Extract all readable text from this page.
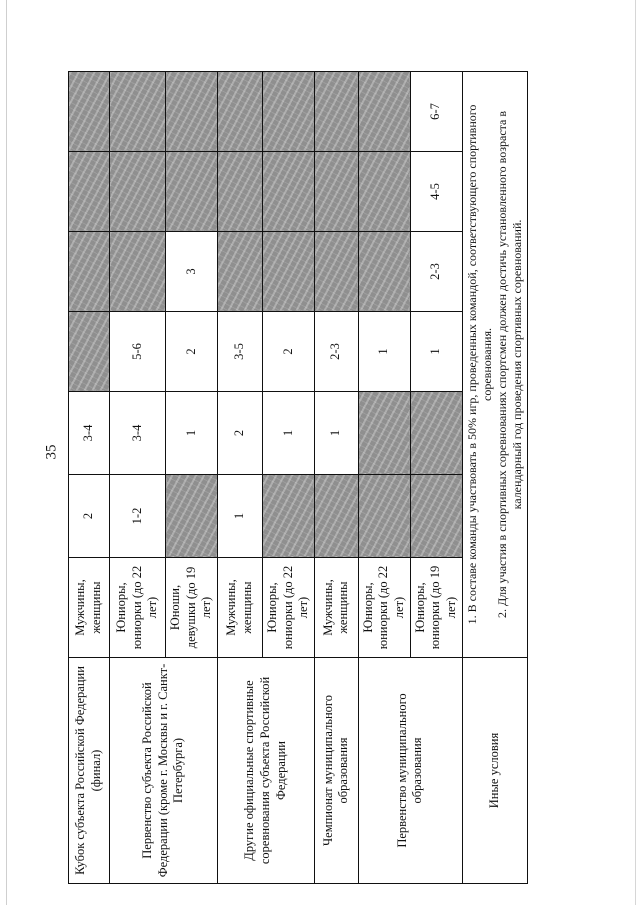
35
Кубок субъекта Российской Федерации (финал)	Мужчины, женщины	2	3-4				
Первенство субъекта Российской Федерации (кроме г. Москвы и г. Санкт-Петербурга)	Юниоры, юниорки (до 22 лет)	1-2	3-4	5-6			
	Юноши, девушки (до 19 лет)		1	2	3		
Другие официальные спортивные соревнования субъекта Российской Федерации	Мужчины, женщины	1	2	3-5			
	Юниоры, юниорки (до 22 лет)		1	2			
Чемпионат муниципального образования	Мужчины, женщины		1	2-3			
Первенство муниципального образования	Юниоры, юниорки (до 22 лет)			1			
	Юниоры, юниорки (до 19 лет)			1	2-3	4-5	6-7
Иные условия	1. В составе команды участвовать в 50% игр, проведенных командой, соответствующего спортивного соревнования. 2. Для участия в спортивных соревнованиях спортсмен должен достичь установленного возраста в календарный год проведения спортивных соревнований.						
